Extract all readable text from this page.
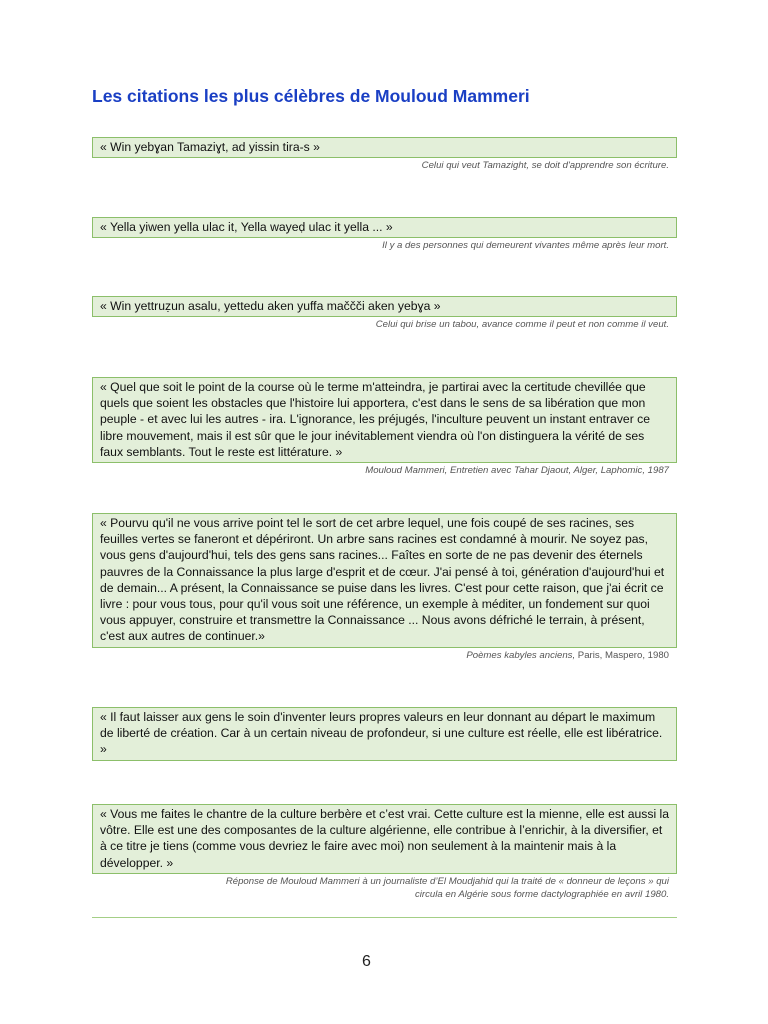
Les citations les plus célèbres de Mouloud Mammeri
« Win yebɣan Tamaziɣt, ad yissin tira-s »
Celui qui veut Tamazight, se doit d'apprendre son écriture.
« Yella yiwen yella ulac it, Yella wayeḍ ulac it yella ... »
Il y a des personnes qui demeurent vivantes même après leur mort.
« Win yettruẓun asalu, yettedu aken yuffa maččči aken yebɣa »
Celui qui brise un tabou, avance comme il peut et non comme il veut.
« Quel que soit le point de la course où le terme m'atteindra, je partirai avec la certitude chevillée que quels que soient les obstacles que l'histoire lui apportera, c'est dans le sens de sa libération que mon peuple - et avec lui les autres - ira. L'ignorance, les préjugés, l'inculture peuvent un instant entraver ce libre mouvement, mais il est sûr que le jour inévitablement viendra où l'on distinguera la vérité de ses faux semblants. Tout le reste est littérature. »
Mouloud Mammeri, Entretien avec Tahar Djaout, Alger, Laphomic, 1987
« Pourvu qu'il ne vous arrive point tel le sort de cet arbre lequel, une fois coupé de ses racines, ses feuilles vertes se faneront et dépériront. Un arbre sans racines est condamné à mourir. Ne soyez pas, vous gens d'aujourd'hui, tels des gens sans racines... Faîtes en sorte de ne pas devenir des éternels pauvres de la Connaissance la plus large d'esprit et de cœur. J'ai pensé à toi, génération d'aujourd'hui et de demain... A présent, la Connaissance se puise dans les livres. C'est pour cette raison, que j'ai écrit ce livre : pour vous tous, pour qu'il vous soit une référence, un exemple à méditer, un fondement sur quoi vous appuyer, construire et transmettre la Connaissance ... Nous avons défriché le terrain, à présent, c'est aux autres de continuer.»
Poèmes kabyles anciens, Paris, Maspero, 1980
« Il faut laisser aux gens le soin d'inventer leurs propres valeurs en leur donnant au départ le maximum de liberté de création. Car à un certain niveau de profondeur, si une culture est réelle, elle est libératrice. »
« Vous me faites le chantre de la culture berbère et c’est vrai. Cette culture est la mienne, elle est aussi la vôtre. Elle est une des composantes de la culture algérienne, elle contribue à l’enrichir, à la diversifier, et à ce titre je tiens (comme vous devriez le faire avec moi) non seulement à la maintenir mais à la développer. »
Réponse de Mouloud Mammeri à un journaliste d’El Moudjahid qui la traité de « donneur de leçons » qui
circula en Algérie sous forme dactylographiée en avril 1980.
6
